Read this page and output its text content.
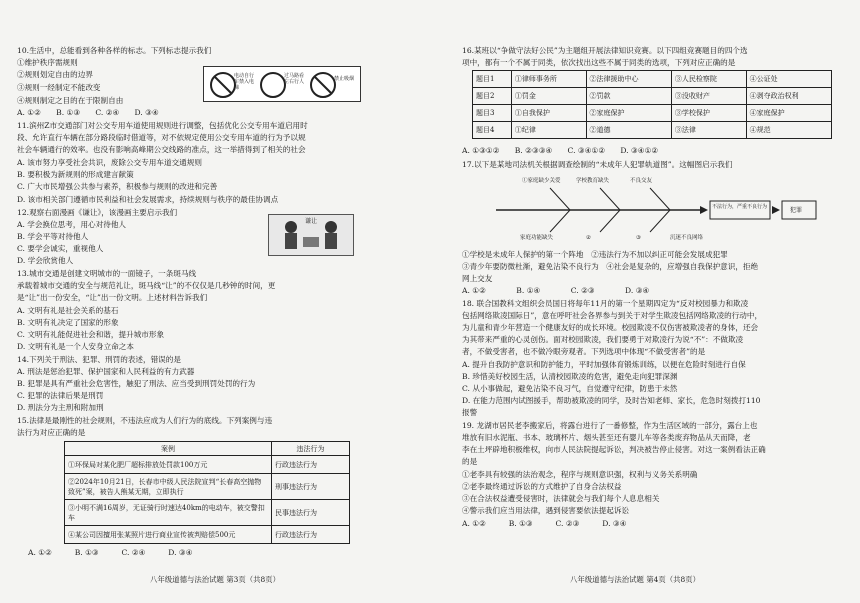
10.生活中，总能看到各种各样的标志。下列标志提示我们
①维护秩序需规则
②规则划定自由的边界
③规则一经制定不能改变
④规则制定之目的在于限制自由
A. ①②　　B. ①③　　C. ②④　　D. ③④
电动自行车禁入电梯
过马路看左右行人	禁止吸烟
11.滨州Z市交通部门对公交专用车道使用规则进行调整，包括优化公交专用车道启用时
段、允许直行车辆在部分路段临时借道等，对不依规定使用公交专用车道的行为予以规
社会车辆通行的效率。也没有影响高峰期公交线路的准点，这一举措得到了相关的社会
A. 该市努力享受社会共识，废除公交专用车道交通规则
B. 要积极为新规则的形成建言献策
C. 广大市民增强公共参与素养，积极参与规则的改进和完善
D. 该市相关部门遵循市民利益和社会发展需求，持续规则与秩序的最佳协调点
12.观察右面漫画《谦让》，该漫画主要启示我们
A. 学会换位思考，用心对待他人
B. 学会平等对待他人
C. 要学会诚实，重视他人
谦让
D. 学会欣赏他人
13.城市交通是创建文明城市的一面镜子，一条斑马线
承载着城市交通的安全与规范礼让，斑马线“让”的不仅仅是几秒钟的时间，更
是“让”出一份安全，“让”出一份文明。上述材料告诉我们
A. 文明有礼是社会关系的基石
B. 文明有礼决定了国家的形象
C. 文明有礼能促进社会和谐，提升城市形象
D. 文明有礼是一个人安身立命之本
14.下列关于刑法、犯罪、刑罚的表述，错误的是
A. 刑法是惩治犯罪、保护国家和人民利益的有力武器
B. 犯罪是具有严重社会危害性，触犯了刑法、应当受到刑罚处罚的行为
C. 犯罪的法律后果是刑罚
D. 刑法分为主刑和附加刑
15.法律是最刚性的社会规则，不违法应成为人们行为的底线。下列案例与违
法行为对应正确的是
案例	违法行为
①环保局对某化肥厂超标排放处罚款100万元	行政违法行为
②2024年10月21日，长春市中级人民法院宣判“长春高空抛物致死”案，被告人熊某无期，立即执行	刑事违法行为
③小明不满16周岁，无证骑行时速达40km的电动车，被交警扣车	民事违法行为
④某公司因擅用张某照片进行商业宣传被判赔偿500元	行政违法行为
A. ①②　　　B. ①③　　　C. ②④　　　D. ③④
八年级道德与法治试题 第3页（共8页）
16.某班以“争做守法好公民”为主题组开展法律知识竞赛。以下四组竞赛题目的四个选
项中，都有一个不属于同类，依次找出这些不属于同类的选项，下列对应正确的是
题目1	①律师事务所	②法律援助中心	③人民检察院	④公证处
题目2	①罚金	②罚款	③没收财产	④剥夺政治权利
题目3	①自我保护	②家庭保护	③学校保护	④家庭保护
题目4	①纪律	②道德	③法律	④规范
A. ①③①②　　B. ②③③④　　C. ③④①②　　D. ③④①②
17.以下是某地司法机关根据调查绘制的“未成年人犯罪轨道图”。这幅图启示我们
①家庭缺少关爱	学校教育缺失	不良交友
家庭功能缺失	②	③	沉迷不良网络
不法行为，严重不良行为	犯罪
①学校是未成年人保护的第一个阵地　②违法行为不加以纠正可能会发展成犯罪
③青少年要防微杜渐，避免沾染不良行为　④社会是复杂的，应增强自我保护意识，拒绝
网上交友
A. ①②　　　　B. ①④　　　　C. ②③　　　　D. ③④
18. 联合国教科文组织会员国日将每年11月的第一个星期四定为“反对校园暴力和欺凌
包括网络欺凌国际日”，意在呼吁社会各界参与到关于对学生欺凌包括网络欺凌的行动中，
为儿童和青少年营造一个健康友好的成长环境。校园欺凌不仅伤害被欺凌者的身体，还会
为其带来严重的心灵创伤。面对校园欺凌，我们要勇于对欺凌行为说“不”：不做欺凌
者，不做受害者，也不做冷眼旁观者。下列选项中体现“不做受害者”的是
A. 提升自我防护意识和防护能力，平时加强体育锻炼训练，以便在危险时刻进行自保
B. 珍惜美好校园生活，认清校园欺凌的危害，避免走向犯罪深渊
C. 从小事做起，避免沾染不良习气，自觉遵守纪律，防患于未然
D. 在能力范围内试图援手，帮助被欺凌的同学，及时告知老师、家长，危急时刻拨打110
报警
19. 龙湖市居民老李搬家后，将露台进行了一番修整，作为生活区域的一部分，露台上也
堆放有旧水泥瓶、书本、玻璃杯片、烟头甚至还有婴儿车等各类废弃物品从天而降，老
李在土坪辟地积极维权，向市人民法院提起诉讼，判决被告停止侵害。对这一案例看法正确
的是
①老李具有较强的法治观念，程序与规则意识强，权利与义务关系明确
②老李最终通过诉讼的方式维护了自身合法权益
③在合法权益遭受侵害时，法律就会与我们每个人息息相关
④警示我们应当用法律，遇到侵害要依法提起诉讼
A. ①②　　　B. ①③　　　C. ②③　　　D. ③④
八年级道德与法治试题 第4页（共8页）
